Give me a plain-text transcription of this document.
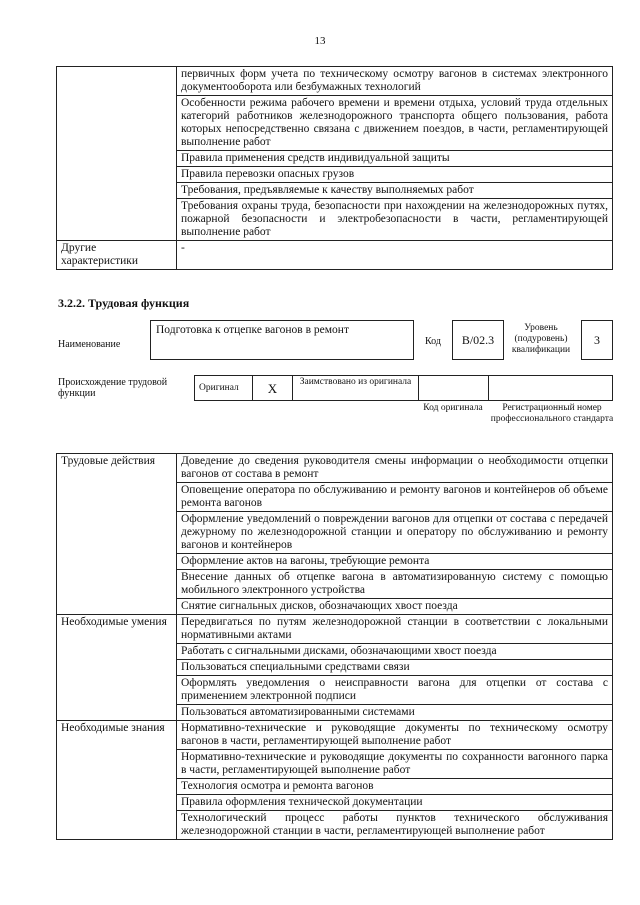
13
	первичных форм учета по техническому осмотру вагонов в системах электронного документооборота или безбумажных технологий
	Особенности режима рабочего времени и времени отдыха, условий труда отдельных категорий работников железнодорожного транспорта общего пользования, работа которых непосредственно связана с движением поездов, в части, регламентирующей выполнение работ
	Правила применения средств индивидуальной защиты
	Правила перевозки опасных грузов
	Требования, предъявляемые к качеству выполняемых работ
	Требования охраны труда, безопасности при нахождении на железнодорожных путях, пожарной безопасности и электробезопасности в части, регламентирующей выполнение работ
Другие характеристики	-
3.2.2. Трудовая функция
Наименование
Подготовка к отцепке вагонов в ремонт
Код	B/02.3
Уровень (подуровень) квалификации
3
Происхождение трудовой функции
Оригинал	X	Заимствовано из оригинала		
Код оригинала	Регистрационный номер профессионального стандарта
Трудовые действия	Доведение до сведения руководителя смены информации о необходимости отцепки вагонов от состава в ремонт
	Оповещение оператора по обслуживанию и ремонту вагонов и контейнеров об объеме ремонта вагонов
	Оформление уведомлений о повреждении вагонов для отцепки от состава с передачей дежурному по железнодорожной станции и оператору по обслуживанию и ремонту вагонов и контейнеров
	Оформление актов на вагоны, требующие ремонта
	Внесение данных об отцепке вагона в автоматизированную систему с помощью мобильного электронного устройства
	Снятие сигнальных дисков, обозначающих хвост поезда
Необходимые умения	Передвигаться по путям железнодорожной станции в соответствии с локальными нормативными актами
	Работать с сигнальными дисками, обозначающими хвост поезда
	Пользоваться специальными средствами связи
	Оформлять уведомления о неисправности вагона для отцепки от состава с применением электронной подписи
	Пользоваться автоматизированными системами
Необходимые знания	Нормативно-технические и руководящие документы по техническому осмотру вагонов в части, регламентирующей выполнение работ
	Нормативно-технические и руководящие документы по сохранности вагонного парка в части, регламентирующей выполнение работ
	Технология осмотра и ремонта вагонов
	Правила оформления технической документации
	Технологический процесс работы пунктов технического обслуживания железнодорожной станции в части, регламентирующей выполнение работ
